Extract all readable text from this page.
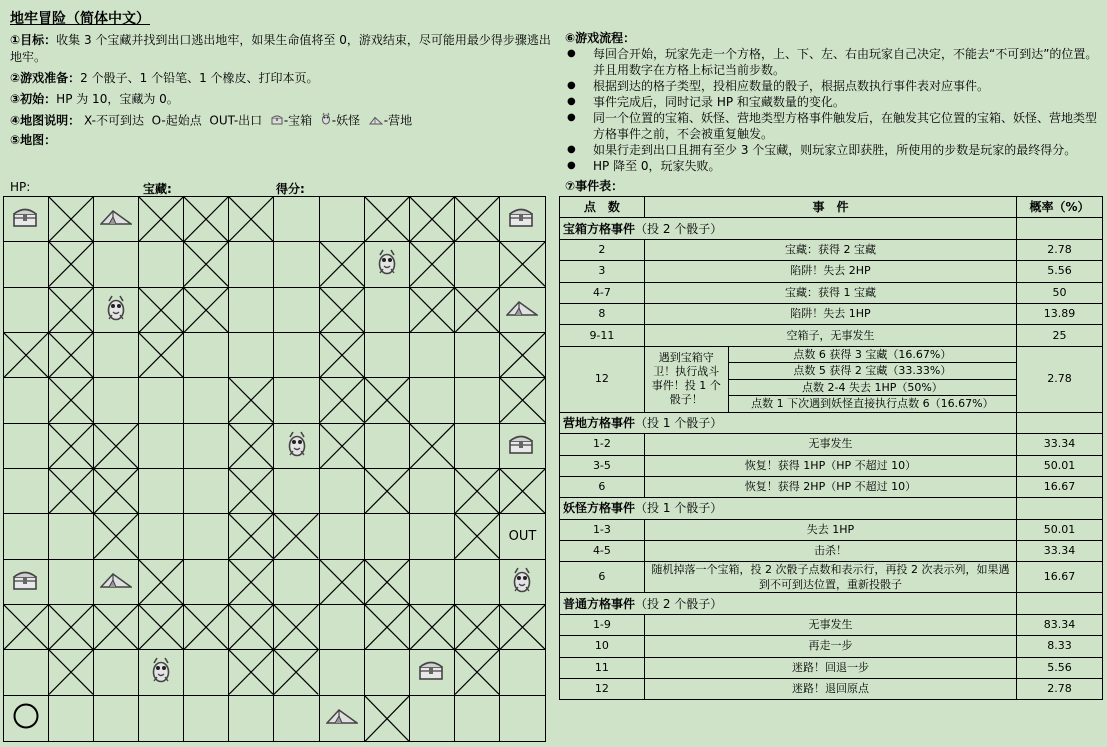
地牢冒险（简体中文）
①目标：收集 3 个宝藏并找到出口逃出地牢，如果生命值将至 0，游戏结束，尽可能用最少得步骤逃出地牢。
②游戏准备：2 个骰子、1 个铅笔、1 个橡皮、打印本页。
③初始：HP 为 10，宝藏为 0。
④地图说明： X-不可到达 O-起始点 OUT-出口 -宝箱 -妖怪 -营地
⑤地图：
HP:	宝藏:	得分:
OUT
⑥游戏流程：
● 每回合开始，玩家先走一个方格，上、下、左、右由玩家自己决定，不能去“不可到达”的位置。并且用数字在方格上标记当前步数。
● 根据到达的格子类型，投相应数量的骰子，根据点数执行事件表对应事件。
● 事件完成后，同时记录 HP 和宝藏数量的变化。
● 同一个位置的宝箱、妖怪、营地类型方格事件触发后，在触发其它位置的宝箱、妖怪、营地类型方格事件之前，不会被重复触发。
● 如果行走到出口且拥有至少 3 个宝藏，则玩家立即获胜，所使用的步数是玩家的最终得分。
● HP 降至 0，玩家失败。
⑦事件表：
点　数	事　件		概率（%）
宝箱方格事件（投 2 个骰子）			
2	宝藏：获得 2 宝藏		2.78
3	陷阱！失去 2HP		5.56
4-7	宝藏：获得 1 宝藏		50
8	陷阱！失去 1HP		13.89
9-11	空箱子，无事发生		25
12	遇到宝箱守卫！执行战斗事件！投 1 个骰子！	点数 6 获得 3 宝藏（16.67%）	2.78
		点数 5 获得 2 宝藏（33.33%）	
		点数 2-4 失去 1HP（50%）	
		点数 1 下次遇到妖怪直接执行点数 6（16.67%）	
营地方格事件（投 1 个骰子）			
1-2	无事发生		33.34
3-5	恢复！获得 1HP（HP 不超过 10）		50.01
6	恢复！获得 2HP（HP 不超过 10）		16.67
妖怪方格事件（投 1 个骰子）			
1-3	失去 1HP		50.01
4-5	击杀！		33.34
6	随机掉落一个宝箱，投 2 次骰子点数和表示行，再投 2 次表示列，如果遇到不可到达位置，重新投骰子		16.67
普通方格事件（投 2 个骰子）			
1-9	无事发生		83.34
10	再走一步		8.33
11	迷路！回退一步		5.56
12	迷路！退回原点		2.78
